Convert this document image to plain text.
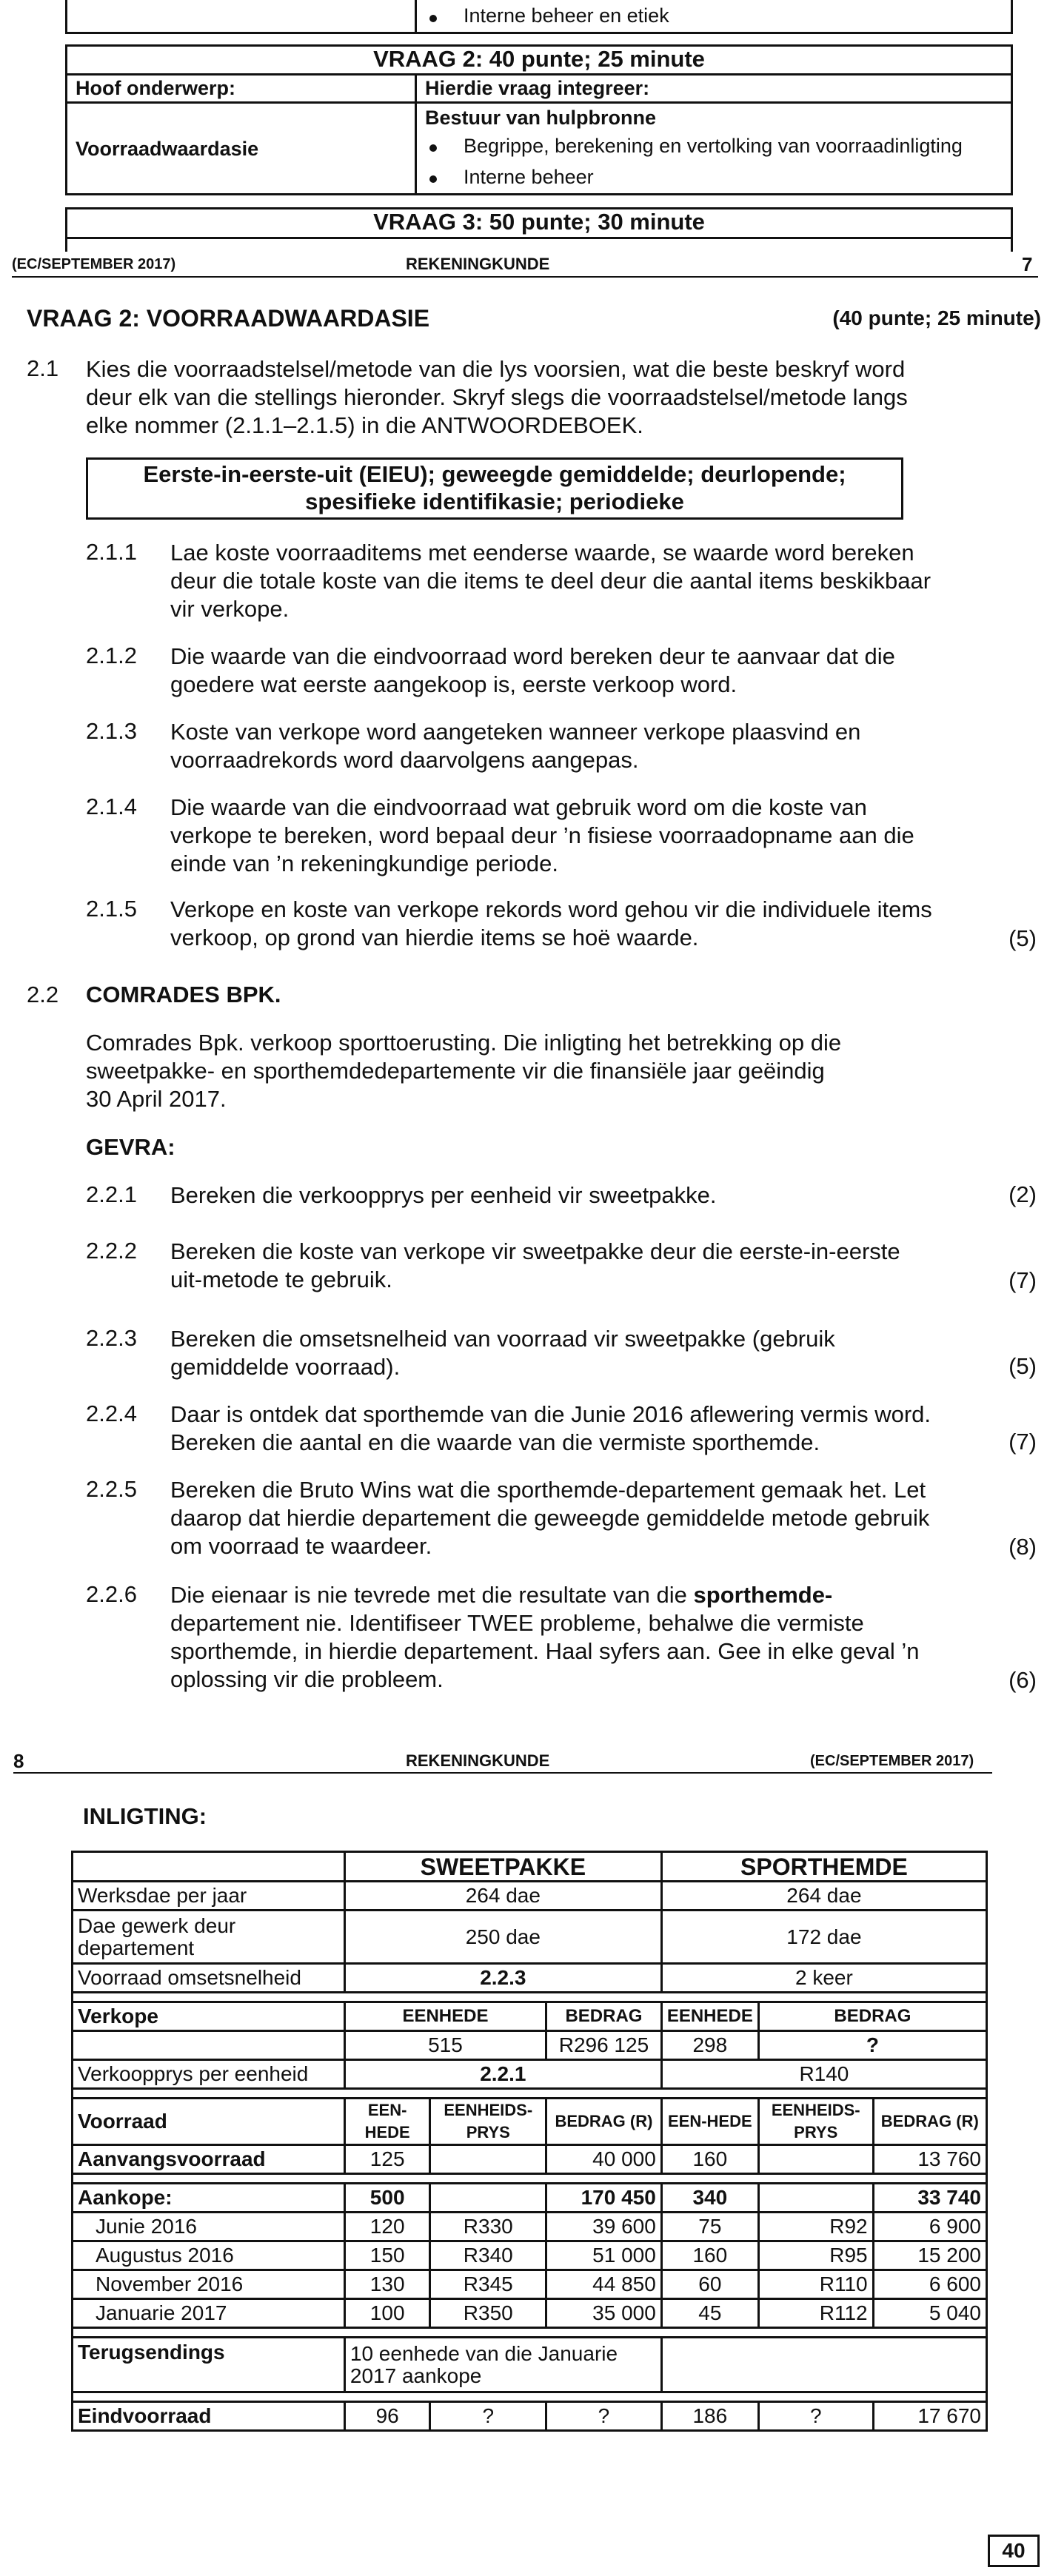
Interne beheer en etiek
VRAAG 2: 40 punte; 25 minute
Hoof onderwerp:	Hierdie vraag integreer:
Voorraadwaardasie
Bestuur van hulpbronne
Begrippe, berekening en vertolking van voorraadinligting
Interne beheer
VRAAG 3: 50 punte; 30 minute
(EC/SEPTEMBER 2017)	REKENINGKUNDE	7
VRAAG 2: VOORRAADWAARDASIE	(40 punte; 25 minute)
2.1 Kies die voorraadstelsel/metode van die lys voorsien, wat die beste beskryf word
deur elk van die stellings hieronder. Skryf slegs die voorraadstelsel/metode langs
elke nommer (2.1.1–2.1.5) in die ANTWOORDEBOEK.
Eerste-in-eerste-uit (EIEU); geweegde gemiddelde; deurlopende;
spesifieke identifikasie; periodieke
2.1.1 Lae koste voorraaditems met eenderse waarde, se waarde word bereken
deur die totale koste van die items te deel deur die aantal items beskikbaar
vir verkope.
2.1.2 Die waarde van die eindvoorraad word bereken deur te aanvaar dat die
goedere wat eerste aangekoop is, eerste verkoop word.
2.1.3 Koste van verkope word aangeteken wanneer verkope plaasvind en
voorraadrekords word daarvolgens aangepas.
2.1.4 Die waarde van die eindvoorraad wat gebruik word om die koste van
verkope te bereken, word bepaal deur ’n fisiese voorraadopname aan die
einde van ’n rekeningkundige periode.
2.1.5 Verkope en koste van verkope rekords word gehou vir die individuele items
verkoop, op grond van hierdie items se hoë waarde.	(5)
2.2 COMRADES BPK.
Comrades Bpk. verkoop sporttoerusting. Die inligting het betrekking op die
sweetpakke- en sporthemdedepartemente vir die finansiële jaar geëindig
30 April 2017.
GEVRA:
2.2.1 Bereken die verkoopprys per eenheid vir sweetpakke.	(2)
2.2.2 Bereken die koste van verkope vir sweetpakke deur die eerste-in-eerste
uit-metode te gebruik.	(7)
2.2.3 Bereken die omsetsnelheid van voorraad vir sweetpakke (gebruik
gemiddelde voorraad).	(5)
2.2.4 Daar is ontdek dat sporthemde van die Junie 2016 aflewering vermis word.
Bereken die aantal en die waarde van die vermiste sporthemde.	(7)
2.2.5 Bereken die Bruto Wins wat die sporthemde-departement gemaak het. Let
daarop dat hierdie departement die geweegde gemiddelde metode gebruik
om voorraad te waardeer.	(8)
2.2.6 Die eienaar is nie tevrede met die resultate van die sporthemde-
departement nie. Identifiseer TWEE probleme, behalwe die vermiste
sporthemde, in hierdie departement. Haal syfers aan. Gee in elke geval ’n
oplossing vir die probleem.	(6)
8	REKENINGKUNDE	(EC/SEPTEMBER 2017)
INLIGTING:
	SWEETPAKKE			SPORTHEMDE		
Werksdae per jaar	264 dae			264 dae		
Dae gewerk deur departement	250 dae			172 dae		
Voorraad omsetsnelheid	2.2.3			2 keer		

Verkope	EENHEDE		BEDRAG	EENHEDE	BEDRAG	
	515		R296 125	298	?	
Verkoopprys per eenheid	2.2.1			R140		

Voorraad	EEN-HEDE	EENHEIDS-PRYS	BEDRAG (R)	EEN-HEDE	EENHEIDS-PRYS	BEDRAG (R)
Aanvangsvoorraad	125		40 000	160		13 760

Aankope:	500		170 450	340		33 740
Junie 2016	120	R330	39 600	75	R92	6 900
Augustus 2016	150	R340	51 000	160	R95	15 200
November 2016	130	R345	44 850	60	R110	6 600
Januarie 2017	100	R350	35 000	45	R112	5 040

Terugsendings	10 eenhede van die Januarie 2017 aankope					

Eindvoorraad	96	?	?	186	?	17 670
40
